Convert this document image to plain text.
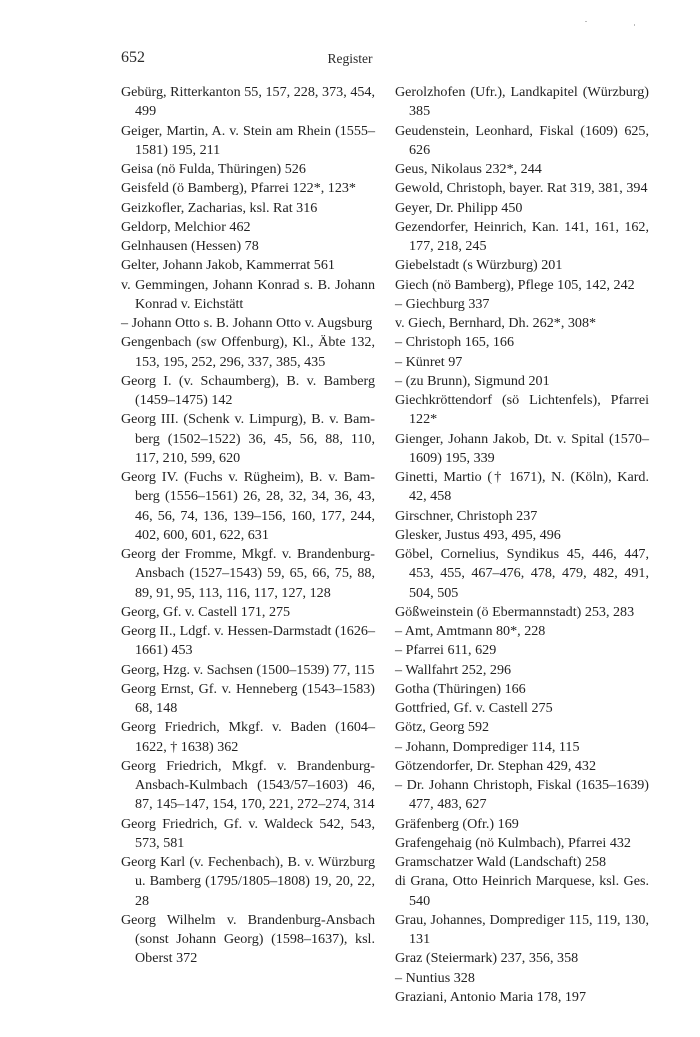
652	Register

Gebürg, Ritterkanton 55, 157, 228, 373, 454, 499

Geiger, Martin, A. v. Stein am Rhein (1555–1581) 195, 211

Geisa (nö Fulda, Thüringen) 526

Geisfeld (ö Bamberg), Pfarrei 122*, 123*

Geizkofler, Zacharias, ksl. Rat 316

Geldorp, Melchior 462

Gelnhausen (Hessen) 78

Gelter, Johann Jakob, Kammerrat 561

v. Gemmingen, Johann Konrad s. B. Johann Konrad v. Eichstätt

– Johann Otto s. B. Johann Otto v. Augsburg

Gengenbach (sw Offenburg), Kl., Äbte 132, 153, 195, 252, 296, 337, 385, 435

Georg I. (v. Schaumberg), B. v. Bamberg (1459–1475) 142

Georg III. (Schenk v. Limpurg), B. v. Bamberg (1502–1522) 36, 45, 56, 88, 110, 117, 210, 599, 620

Georg IV. (Fuchs v. Rügheim), B. v. Bamberg (1556–1561) 26, 28, 32, 34, 36, 43, 46, 56, 74, 136, 139–156, 160, 177, 244, 402, 600, 601, 622, 631

Georg der Fromme, Mkgf. v. Brandenburg-Ansbach (1527–1543) 59, 65, 66, 75, 88, 89, 91, 95, 113, 116, 117, 127, 128

Georg, Gf. v. Castell 171, 275

Georg II., Ldgf. v. Hessen-Darmstadt (1626–1661) 453

Georg, Hzg. v. Sachsen (1500–1539) 77, 115

Georg Ernst, Gf. v. Henneberg (1543–1583) 68, 148

Georg Friedrich, Mkgf. v. Baden (1604–1622, † 1638) 362

Georg Friedrich, Mkgf. v. Brandenburg-Ansbach-Kulmbach (1543/57–1603) 46, 87, 145–147, 154, 170, 221, 272–274, 314

Georg Friedrich, Gf. v. Waldeck 542, 543, 573, 581

Georg Karl (v. Fechenbach), B. v. Würzburg u. Bamberg (1795/1805–1808) 19, 20, 22, 28

Georg Wilhelm v. Brandenburg-Ansbach (sonst Johann Georg) (1598–1637), ksl. Oberst 372

Gerolzhofen (Ufr.), Landkapitel (Würzburg) 385

Geudenstein, Leonhard, Fiskal (1609) 625, 626

Geus, Nikolaus 232*, 244

Gewold, Christoph, bayer. Rat 319, 381, 394

Geyer, Dr. Philipp 450

Gezendorfer, Heinrich, Kan. 141, 161, 162, 177, 218, 245

Giebelstadt (s Würzburg) 201

Giech (nö Bamberg), Pflege 105, 142, 242

– Giechburg 337

v. Giech, Bernhard, Dh. 262*, 308*

– Christoph 165, 166

– Künret 97

– (zu Brunn), Sigmund 201

Giechkröttendorf (sö Lichtenfels), Pfarrei 122*

Gienger, Johann Jakob, Dt. v. Spital (1570–1609) 195, 339

Ginetti, Martio († 1671), N. (Köln), Kard. 42, 458

Girschner, Christoph 237

Glesker, Justus 493, 495, 496

Göbel, Cornelius, Syndikus 45, 446, 447, 453, 455, 467–476, 478, 479, 482, 491, 504, 505

Gößweinstein (ö Ebermannstadt) 253, 283

– Amt, Amtmann 80*, 228

– Pfarrei 611, 629

– Wallfahrt 252, 296

Gotha (Thüringen) 166

Gottfried, Gf. v. Castell 275

Götz, Georg 592

– Johann, Domprediger 114, 115

Götzendorfer, Dr. Stephan 429, 432

– Dr. Johann Christoph, Fiskal (1635–1639) 477, 483, 627

Gräfenberg (Ofr.) 169

Grafengehaig (nö Kulmbach), Pfarrei 432

Gramschatzer Wald (Landschaft) 258

di Grana, Otto Heinrich Marquese, ksl. Ges. 540

Grau, Johannes, Domprediger 115, 119, 130, 131

Graz (Steiermark) 237, 356, 358

– Nuntius 328

Graziani, Antonio Maria 178, 197
